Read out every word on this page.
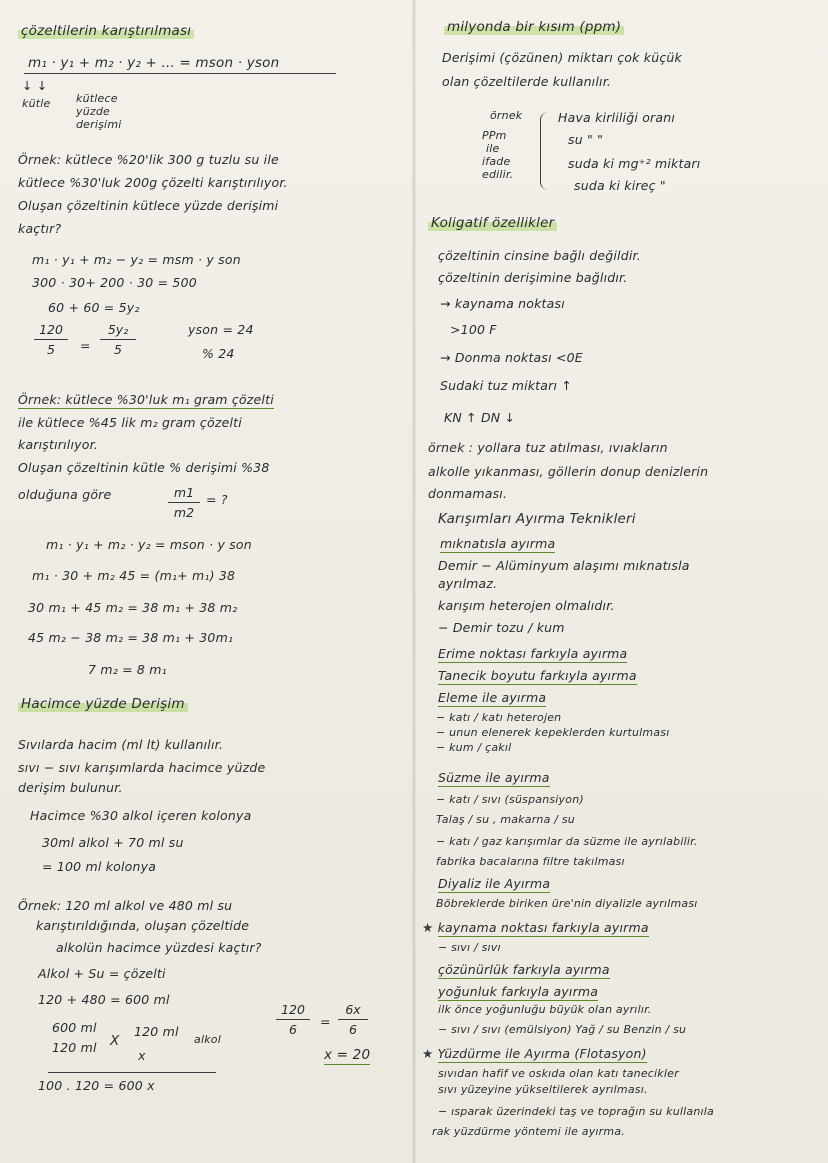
çözeltilerin karıştırılması
m₁ · y₁ + m₂ · y₂ + ... = mson · yson
↓ ↓
kütle kütlece
yüzde
derişimi
Örnek: kütlece %20'lik 300 g tuzlu su ile
kütlece %30'luk 200g çözelti karıştırılıyor.
Oluşan çözeltinin kütlece yüzde derişimi
kaçtır?
m₁ · y₁ + m₂ − y₂ = msm · y son
300 · 30+ 200 · 30 = 500
60 + 60 = 5y₂
120
5	=
5y₂
5
yson = 24
% 24
Örnek: kütlece %30'luk m₁ gram çözelti
ile kütlece %45 lik m₂ gram çözelti
karıştırılıyor.
Oluşan çözeltinin kütle % derişimi %38
olduğuna göre	m1
m2
= ?
m₁ · y₁ + m₂ · y₂ = mson · y son
m₁ · 30 + m₂ 45 = (m₁+ m₁) 38
30 m₁ + 45 m₂ = 38 m₁ + 38 m₂
45 m₂ − 38 m₂ = 38 m₁ + 30m₁
7 m₂ = 8 m₁
Hacimce yüzde Derişim
Sıvılarda hacim (ml lt) kullanılır.
sıvı − sıvı karışımlarda hacimce yüzde
derişim bulunur.
Hacimce %30 alkol içeren kolonya
30ml alkol + 70 ml su
= 100 ml kolonya
Örnek: 120 ml alkol ve 480 ml su
karıştırıldığında, oluşan çözeltide
alkolün hacimce yüzdesi kaçtır?
Alkol + Su = çözelti
120 + 480 = 600 ml
600 ml	120 ml
alkol
120 ml X
x
120
6
=
6x
6
x = 20
100 . 120 = 600 x
milyonda bir kısım (ppm)
Derişimi (çözünen) miktarı çok küçük
olan çözeltilerde kullanılır.
örnek
PPm
ile
ifade
edilir.
Hava kirliliği oranı
su " "
suda ki mg⁺² miktarı
suda ki kireç "
Koligatif özellikler
çözeltinin cinsine bağlı değildir.
çözeltinin derişimine bağlıdır.
→ kaynama noktası
>100 F
→ Donma noktası <0E
Sudaki tuz miktarı ↑
KN ↑ DN ↓
örnek : yollara tuz atılması, ıvıakların
alkolle yıkanması, göllerin donup denizlerin
donmaması.
Karışımları Ayırma Teknikleri
mıknatısla ayırma
Demir − Alüminyum alaşımı mıknatısla
ayrılmaz.
karışım heterojen olmalıdır.
− Demir tozu / kum
Erime noktası farkıyla ayırma
Tanecik boyutu farkıyla ayırma
Eleme ile ayırma
− katı / katı heterojen
− unun elenerek kepeklerden kurtulması
− kum / çakıl
Süzme ile ayırma
− katı / sıvı (süspansiyon)
Talaş / su , makarna / su
− katı / gaz karışımlar da süzme ile ayrılabilir.
fabrika bacalarına filtre takılması
Diyaliz ile Ayırma
Böbreklerde biriken üre'nin diyalizle ayrılması
★ kaynama noktası farkıyla ayırma
− sıvı / sıvı
çözünürlük farkıyla ayırma
yoğunluk farkıyla ayırma
ilk önce yoğunluğu büyük olan ayrılır.
− sıvı / sıvı (emülsiyon) Yağ / su Benzin / su
★ Yüzdürme ile Ayırma (Flotasyon)
sıvıdan hafif ve oskıda olan katı tanecikler
sıvı yüzeyine yükseltilerek ayrılması.
− ısparak üzerindeki taş ve toprağın su kullanıla
rak yüzdürme yöntemi ile ayırma.
